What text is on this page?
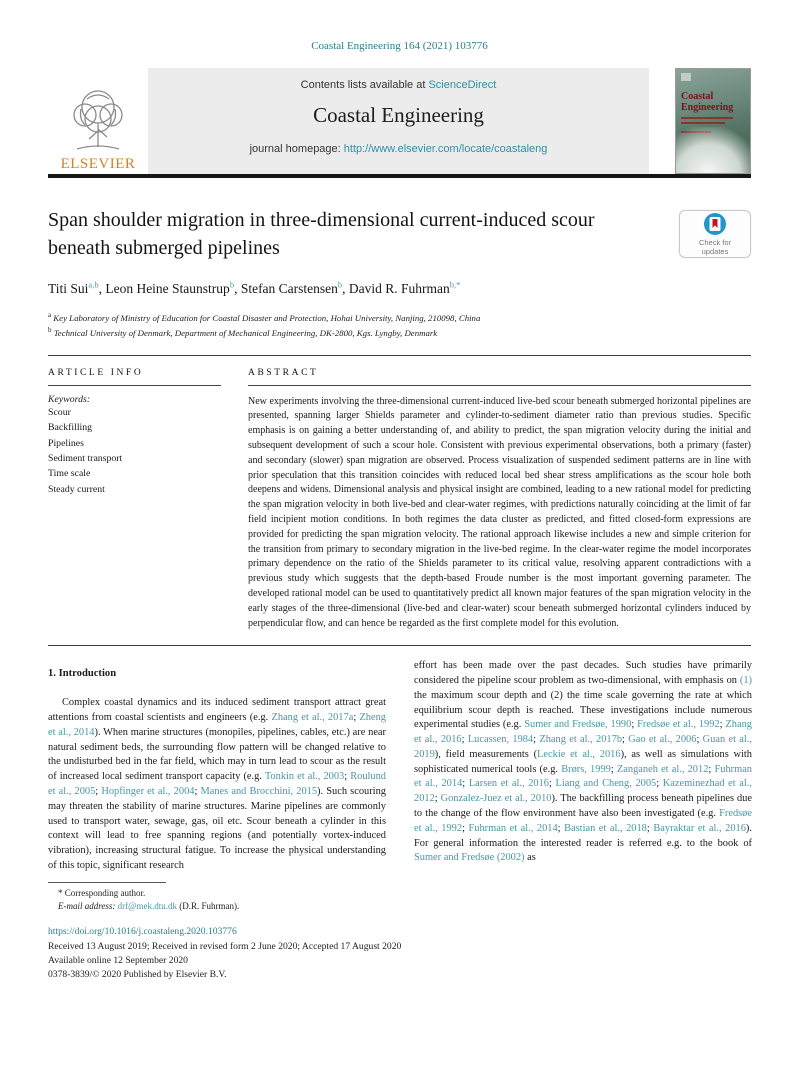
Coastal Engineering 164 (2021) 103776
ELSEVIER
Contents lists available at ScienceDirect
Coastal Engineering
journal homepage: http://www.elsevier.com/locate/coastaleng
Coastal Engineering
Span shoulder migration in three-dimensional current-induced scour beneath submerged pipelines	Check for
updates
Titi Sui$^{a,b}$, Leon Heine Staunstrup$^b$, Stefan Carstensen$^b$, David R. Fuhrman$^{b,*}$
$^a$ Key Laboratory of Ministry of Education for Coastal Disaster and Protection, Hohai University, Nanjing, 210098, China
$^b$ Technical University of Denmark, Department of Mechanical Engineering, DK-2800, Kgs. Lyngby, Denmark
ARTICLE INFO
Keywords:
Scour
Backfilling
Pipelines
Sediment transport
Time scale
Steady current
ABSTRACT

New experiments involving the three-dimensional current-induced live-bed scour beneath submerged horizontal pipelines are presented, spanning larger Shields parameter and cylinder-to-sediment diameter ratio than previous studies. Specific emphasis is on gaining a better understanding of, and ability to predict, the span migration velocity during the initial and subsequent development of such a scour hole. Consistent with previous experimental observations, both a primary (faster) and secondary (slower) span migration are observed. Process visualization of suspended sediment patterns are in line with prior speculation that this transition coincides with reduced local bed shear stress amplifications as the scour hole both deepens and widens. Dimensional analysis and physical insight are combined, leading to a new rational model for predicting the span migration velocity in both live-bed and clear-water regimes, with predictions naturally coinciding at the limit of far field incipient motion conditions. In both regimes the data cluster as predicted, and fitted closed-form expressions are provided for predicting the span migration velocity. The rational approach likewise includes a new and simple criterion for the transition from primary to secondary migration in the live-bed regime. In the clear-water regime the model incorporates primary dependence on the ratio of the Shields parameter to its critical value, resolving apparent contradictions with a previous study which suggests that the depth-based Froude number is the most important governing parameter. The developed rational model can be used to quantitatively predict all known major features of the span migration velocity in the early stages of the three-dimensional (live-bed and clear-water) scour beneath submerged horizontal cylinders induced by perpendicular flow, and can hence be regarded as the first complete model for this evolution.

1. Introduction

Complex coastal dynamics and its induced sediment transport attract great attentions from coastal scientists and engineers (e.g. Zhang et al., 2017a; Zheng et al., 2014). When marine structures (monopiles, pipelines, cables, etc.) are near natural sediment beds, the surrounding flow pattern will be changed relative to the undisturbed bed in the far field, which may in turn lead to scour as the result of increased local sediment transport capacity (e.g. Tonkin et al., 2003; Roulund et al., 2005; Hopfinger et al., 2004; Manes and Brocchini, 2015). Such scouring may threaten the stability of marine structures. Marine pipelines are commonly used to transport water, sewage, gas, oil etc. Scour beneath a cylinder in this context will lead to free spanning regions (and potentially vortex-induced vibration), increasing structural fatigue. To increase the physical understanding of this topic, significant research

effort has been made over the past decades. Such studies have primarily considered the pipeline scour problem as two-dimensional, with emphasis on (1) the maximum scour depth and (2) the time scale governing the rate at which equilibrium scour depth is reached. These investigations include numerous experimental studies (e.g. Sumer and Fredsøe, 1990; Fredsøe et al., 1992; Zhang et al., 2016; Lucassen, 1984; Zhang et al., 2017b; Gao et al., 2006; Guan et al., 2019), field measurements (Leckie et al., 2016), as well as simulations with sophisticated numerical tools (e.g. Brørs, 1999; Zanganeh et al., 2012; Fuhrman et al., 2014; Larsen et al., 2016; Liang and Cheng, 2005; Kazeminezhad et al., 2012; Gonzalez-Juez et al., 2010). The backfilling process beneath pipelines due to the change of the flow environment have also been investigated (e.g. Fredsøe et al., 1992; Fuhrman et al., 2014; Bastian et al., 2018; Bayraktar et al., 2016). For general information the interested reader is referred e.g. to the book of Sumer and Fredsøe (2002) as

* Corresponding author.
E-mail address: drf@mek.dtu.dk (D.R. Fuhrman).
https://doi.org/10.1016/j.coastaleng.2020.103776
Received 13 August 2019; Received in revised form 2 June 2020; Accepted 17 August 2020
Available online 12 September 2020
0378-3839/© 2020 Published by Elsevier B.V.
